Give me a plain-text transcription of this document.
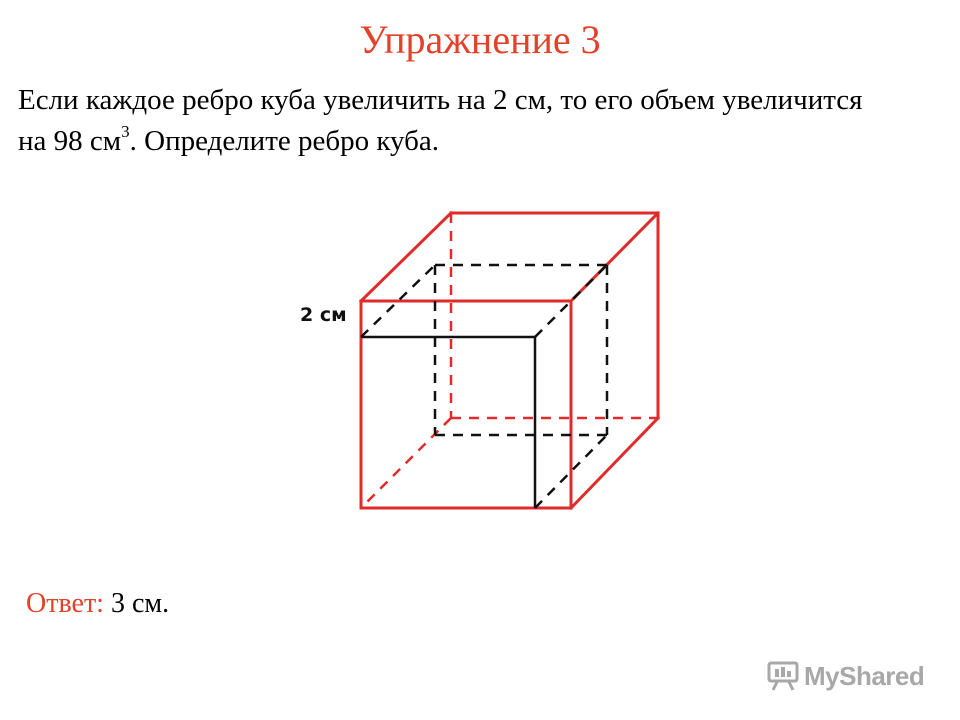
Упражнение 3
Если каждое ребро куба увеличить на 2 см, то его объем увеличится
на 98 $см^3$. Определите ребро куба.
2 см
Ответ: 3 см.
MyShared
